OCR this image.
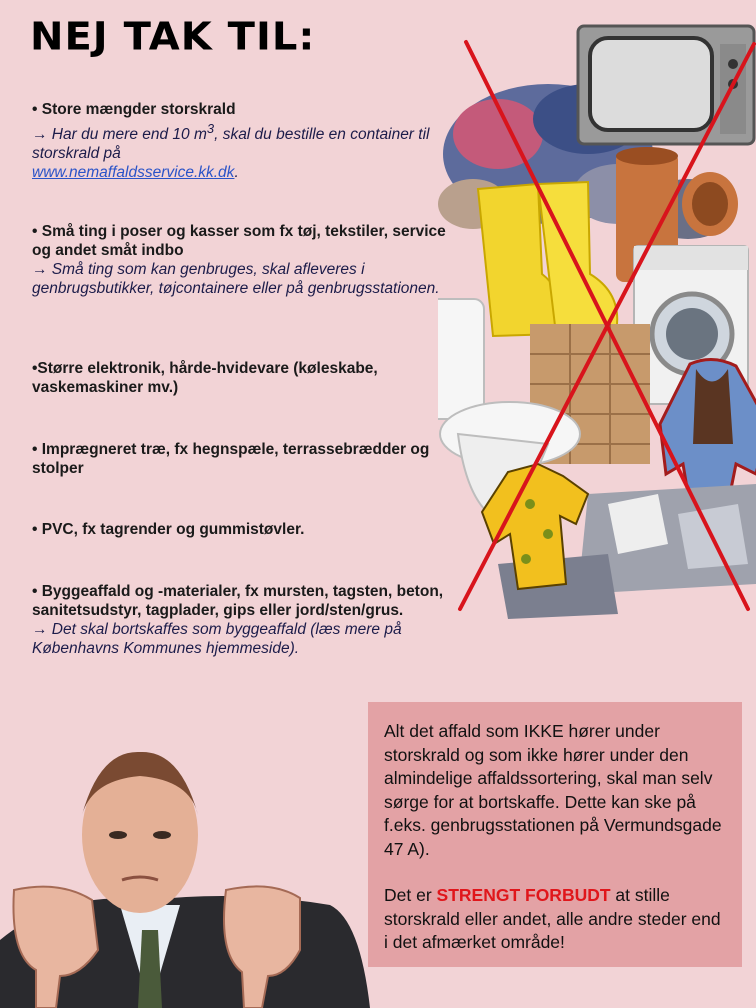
NEJ TAK TIL:
• Store mængder storskrald
→ Har du mere end 10 $m^3$, skal du bestille en container til storskrald på
www.nemaffaldsservice.kk.dk.
• Små ting i poser og kasser som fx tøj, tekstiler, service og andet småt indbo
→ Små ting som kan genbruges, skal afleveres i genbrugsbutikker, tøjcontainere eller på genbrugsstationen.
•Større elektronik, hårde-hvidevare (køleskabe, vaskemaskiner mv.)
• Imprægneret træ, fx hegnspæle, terrassebrædder og stolper
• PVC, fx tagrender og gummistøvler.
• Byggeaffald og -materialer, fx mursten, tagsten, beton, sanitetsudstyr, tagplader, gips eller jord/sten/grus.
→ Det skal bortskaffes som byggeaffald (læs mere på Københavns Kommunes hjemmeside).

Alt det affald som IKKE hører under storskrald og som ikke hører under den almindelige affaldssortering, skal man selv sørge for at bortskaffe. Dette kan ske på f.eks. genbrugsstationen på Vermundsgade 47 A).

Det er STRENGT FORBUDT at stille storskrald eller andet, alle andre steder end i det afmærket område!
